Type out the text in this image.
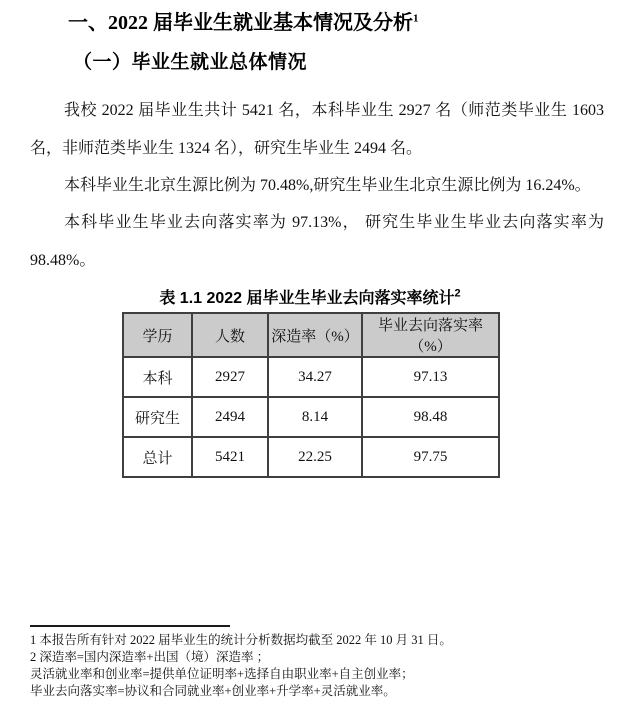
一、2022 届毕业生就业基本情况及分析$^1$
（一）毕业生就业总体情况

我校 2022 届毕业生共计 5421 名，本科毕业生 2927 名（师范类毕业生 1603 名，非师范类毕业生 1324 名），研究生毕业生 2494 名。

本科毕业生北京生源比例为 70.48%,研究生毕业生北京生源比例为 16.24%。

本科毕业生毕业去向落实率为 97.13%， 研究生毕业生毕业去向落实率为 98.48%。

表 1.1 2022 届毕业生毕业去向落实率统计$^2$
学历	人数	深造率（%）	毕业去向落实率（%）
本科	2927	34.27	97.13
研究生	2494	8.14	98.48
总计	5421	22.25	97.75
1 本报告所有针对 2022 届毕业生的统计分析数据均截至 2022 年 10 月 31 日。
2 深造率=国内深造率+出国（境）深造率 ；
灵活就业率和创业率=提供单位证明率+选择自由职业率+自主创业率；
毕业去向落实率=协议和合同就业率+创业率+升学率+灵活就业率。
